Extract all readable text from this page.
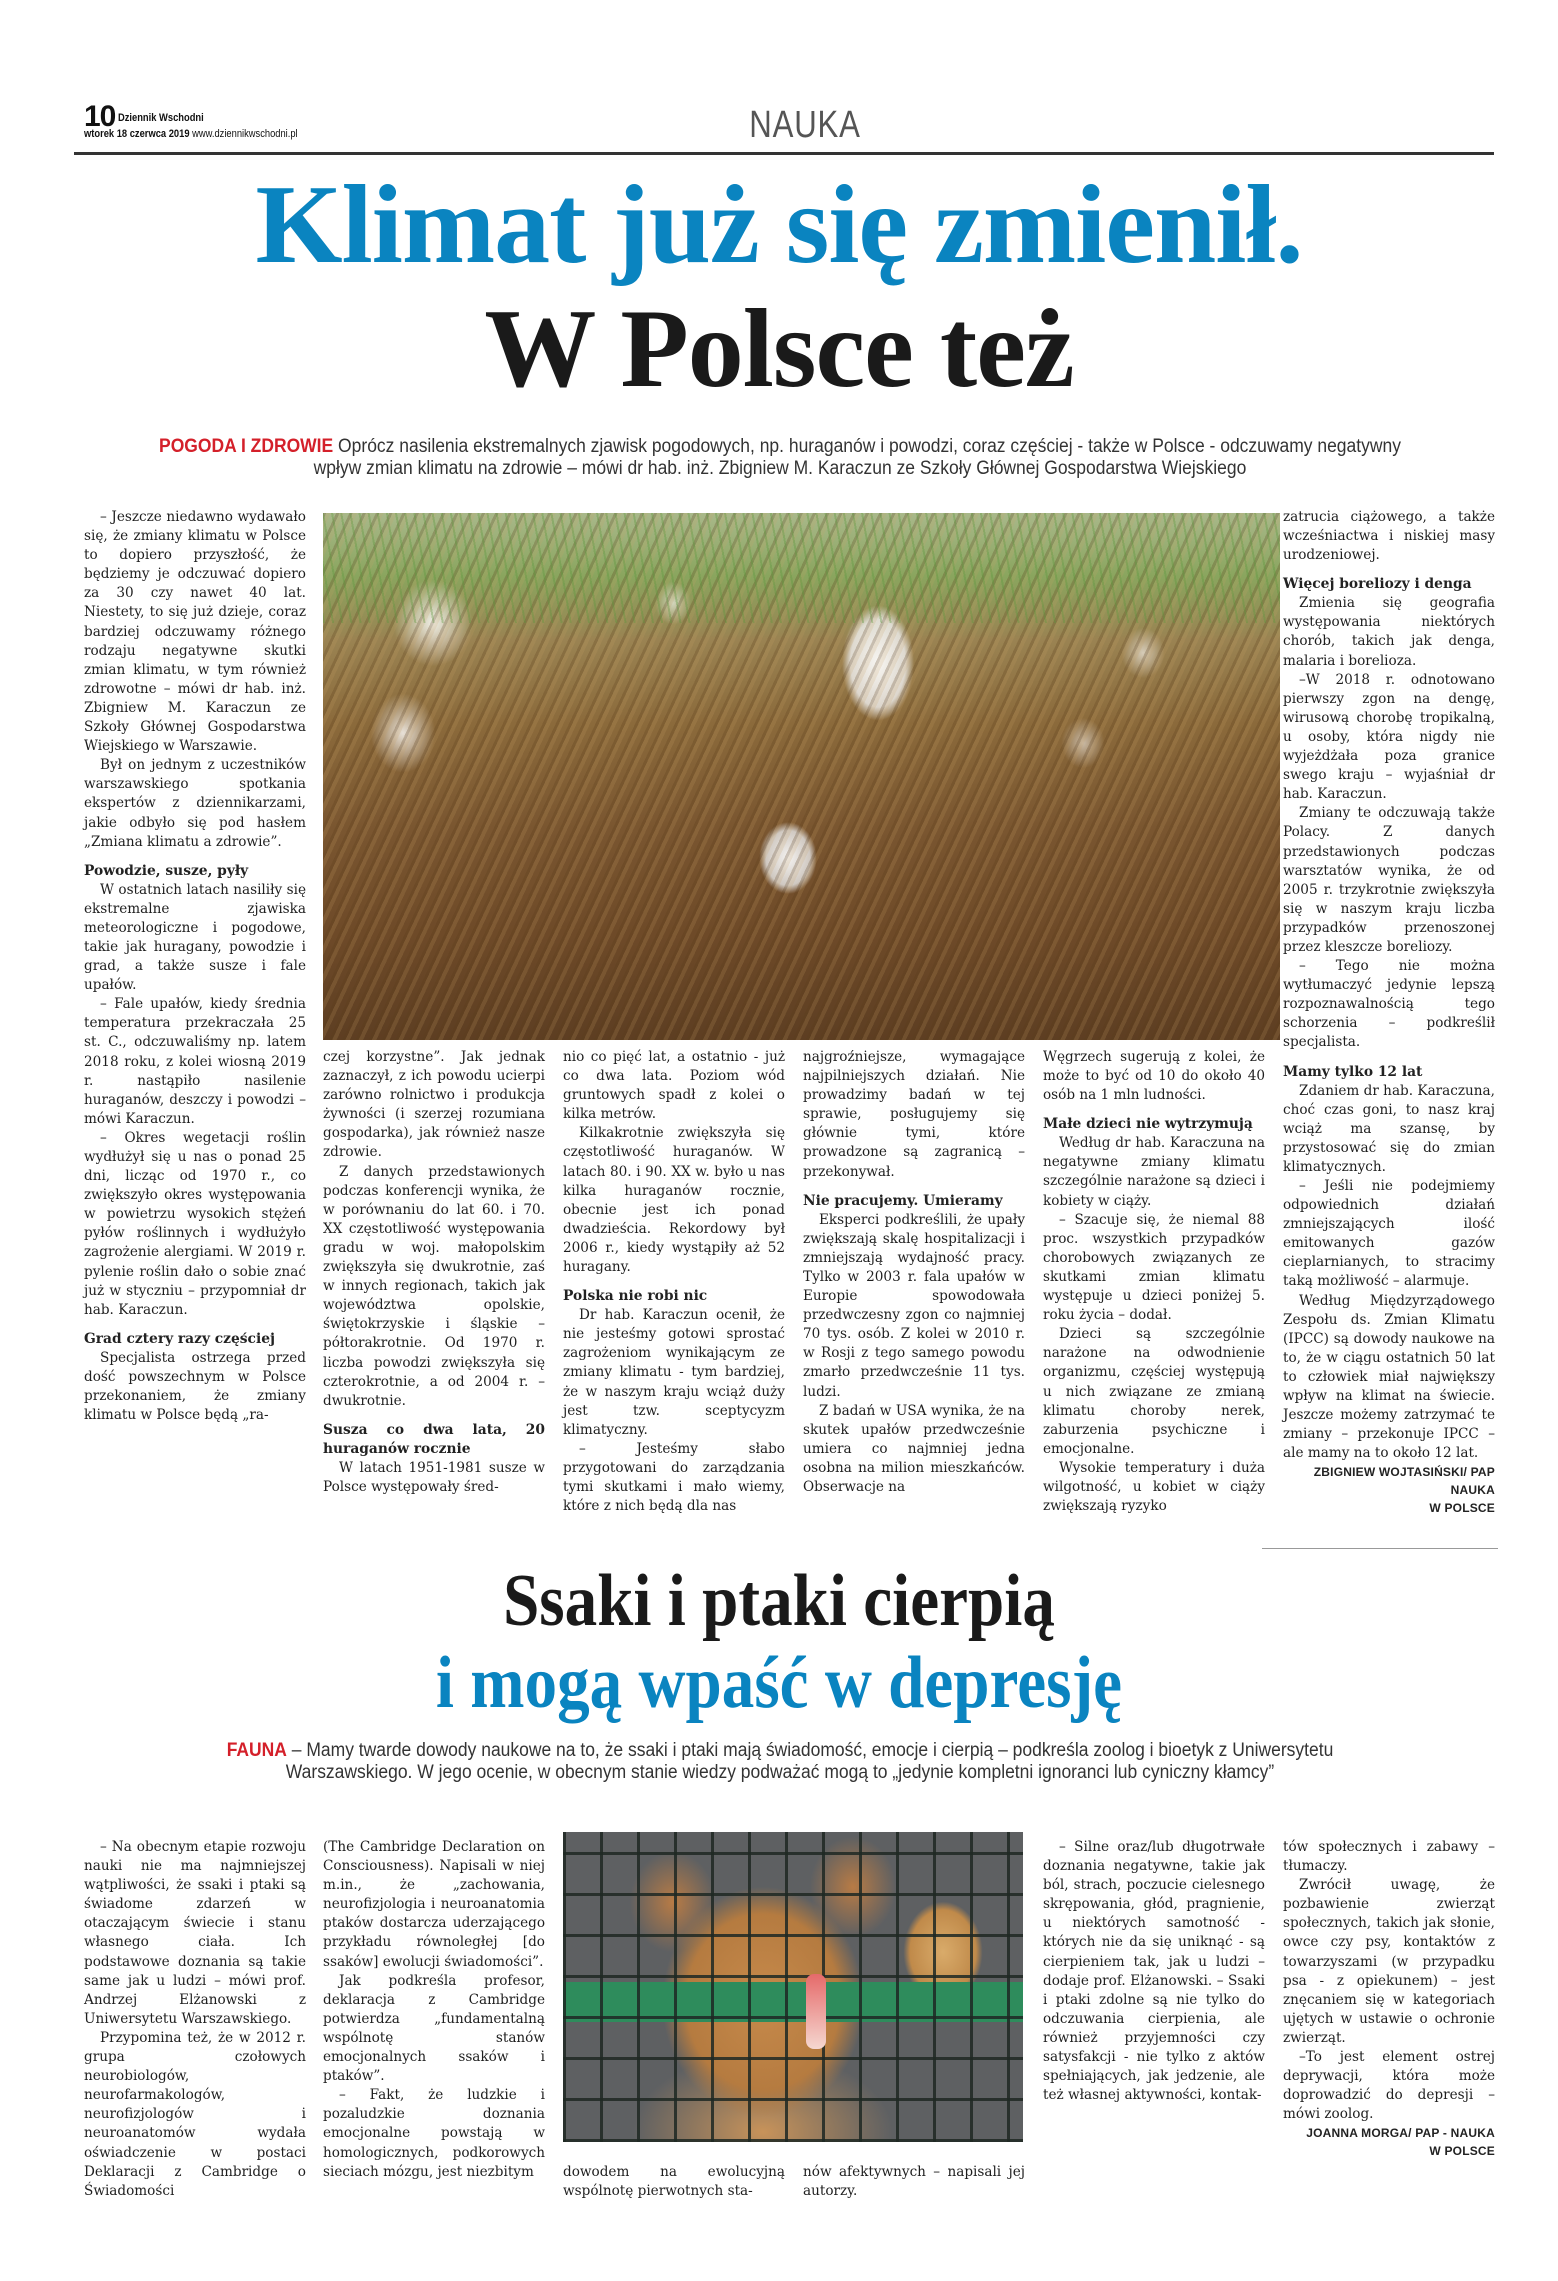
10 Dziennik Wschodni
wtorek 18 czerwca 2019 www.dziennikwschodni.pl	NAUKA
Klimat już się zmienił.
W Polsce też
POGODA I ZDROWIE Oprócz nasilenia ekstremalnych zjawisk pogodowych, np. huraganów i powodzi, coraz częściej - także w Polsce - odczuwamy negatywny wpływ zmian klimatu na zdrowie – mówi dr hab. inż. Zbigniew M. Karaczun ze Szkoły Głównej Gospodarstwa Wiejskiego

– Jeszcze niedawno wydawało się, że zmiany klimatu w Polsce to dopiero przyszłość, że będziemy je odczuwać dopiero za 30 czy nawet 40 lat. Niestety, to się już dzieje, coraz bardziej odczuwamy różnego rodzaju negatywne skutki zmian klimatu, w tym również zdrowotne – mówi dr hab. inż. Zbigniew M. Karaczun ze Szkoły Głównej Gospodarstwa Wiejskiego w Warszawie.

Był on jednym z uczestników warszawskiego spotkania ekspertów z dziennikarzami, jakie odbyło się pod hasłem „Zmiana klimatu a zdrowie”.

Powodzie, susze, pyły

W ostatnich latach nasiliły się ekstremalne zjawiska meteorologiczne i pogodowe, takie jak huragany, powodzie i grad, a także susze i fale upałów.

– Fale upałów, kiedy średnia temperatura przekraczała 25 st. C., odczuwaliśmy np. latem 2018 roku, z kolei wiosną 2019 r. nastąpiło nasilenie huraganów, deszczy i powodzi – mówi Karaczun.

– Okres wegetacji roślin wydłużył się u nas o ponad 25 dni, licząc od 1970 r., co zwiększyło okres występowania w powietrzu wysokich stężeń pyłów roślinnych i wydłużyło zagrożenie alergiami. W 2019 r. pylenie roślin dało o sobie znać już w styczniu – przypomniał dr hab. Karaczun.

Grad cztery razy częściej

Specjalista ostrzega przed dość powszechnym w Polsce przekonaniem, że zmiany klimatu w Polsce będą „ra-

czej korzystne”. Jak jednak zaznaczył, z ich powodu ucierpi zarówno rolnictwo i produkcja żywności (i szerzej rozumiana gospodarka), jak również nasze zdrowie.

Z danych przedstawionych podczas konferencji wynika, że w porównaniu do lat 60. i 70. XX częstotliwość występowania gradu w woj. małopolskim zwiększyła się dwukrotnie, zaś w innych regionach, takich jak województwa opolskie, świętokrzyskie i śląskie – półtorakrotnie. Od 1970 r. liczba powodzi zwiększyła się czterokrotnie, a od 2004 r. – dwukrotnie.

Susza co dwa lata, 20 huraganów rocznie

W latach 1951-1981 susze w Polsce występowały śred-

nio co pięć lat, a ostatnio - już co dwa lata. Poziom wód gruntowych spadł z kolei o kilka metrów.

Kilkakrotnie zwiększyła się częstotliwość huraganów. W latach 80. i 90. XX w. było u nas kilka huraganów rocznie, obecnie jest ich ponad dwadzieścia. Rekordowy był 2006 r., kiedy wystąpiły aż 52 huragany.

Polska nie robi nic

Dr hab. Karaczun ocenił, że nie jesteśmy gotowi sprostać zagrożeniom wynikającym ze zmiany klimatu - tym bardziej, że w naszym kraju wciąż duży jest tzw. sceptycyzm klimatyczny.

– Jesteśmy słabo przygotowani do zarządzania tymi skutkami i mało wiemy, które z nich będą dla nas

najgroźniejsze, wymagające najpilniejszych działań. Nie prowadzimy badań w tej sprawie, posługujemy się głównie tymi, które prowadzone są zagranicą – przekonywał.

Nie pracujemy. Umieramy

Eksperci podkreślili, że upały zwiększają skalę hospitalizacji i zmniejszają wydajność pracy. Tylko w 2003 r. fala upałów w Europie spowodowała przedwczesny zgon co najmniej 70 tys. osób. Z kolei w 2010 r. w Rosji z tego samego powodu zmarło przedwcześnie 11 tys. ludzi.

Z badań w USA wynika, że na skutek upałów przedwcześnie umiera co najmniej jedna osobna na milion mieszkańców. Obserwacje na

Węgrzech sugerują z kolei, że może to być od 10 do około 40 osób na 1 mln ludności.

Małe dzieci nie wytrzymują

Według dr hab. Karaczuna na negatywne zmiany klimatu szczególnie narażone są dzieci i kobiety w ciąży.

– Szacuje się, że niemal 88 proc. wszystkich przypadków chorobowych związanych ze skutkami zmian klimatu występuje u dzieci poniżej 5. roku życia – dodał.

Dzieci są szczególnie narażone na odwodnienie organizmu, częściej występują u nich związane ze zmianą klimatu choroby nerek, zaburzenia psychiczne i emocjonalne.

Wysokie temperatury i duża wilgotność, u kobiet w ciąży zwiększają ryzyko

zatrucia ciążowego, a także wcześniactwa i niskiej masy urodzeniowej.

Więcej boreliozy i denga

Zmienia się geografia występowania niektórych chorób, takich jak denga, malaria i borelioza.

–W 2018 r. odnotowano pierwszy zgon na dengę, wirusową chorobę tropikalną, u osoby, która nigdy nie wyjeżdżała poza granice swego kraju – wyjaśniał dr hab. Karaczun.

Zmiany te odczuwają także Polacy. Z danych przedstawionych podczas warsztatów wynika, że od 2005 r. trzykrotnie zwiększyła się w naszym kraju liczba przypadków przenoszonej przez kleszcze boreliozy.

– Tego nie można wytłumaczyć jedynie lepszą rozpoznawalnością tego schorzenia – podkreślił specjalista.

Mamy tylko 12 lat

Zdaniem dr hab. Karaczuna, choć czas goni, to nasz kraj wciąż ma szansę, by przystosować się do zmian klimatycznych.

– Jeśli nie podejmiemy odpowiednich działań zmniejszających ilość emitowanych gazów cieplarnianych, to stracimy taką możliwość – alarmuje.

Według Międzyrządowego Zespołu ds. Zmian Klimatu (IPCC) są dowody naukowe na to, że w ciągu ostatnich 50 lat to człowiek miał największy wpływ na klimat na świecie. Jeszcze możemy zatrzymać te zmiany – przekonuje IPCC – ale mamy na to około 12 lat.

ZBIGNIEW WOJTASIŃSKI/ PAP NAUKA
W POLSCE
Ssaki i ptaki cierpią
i mogą wpaść w depresję
FAUNA – Mamy twarde dowody naukowe na to, że ssaki i ptaki mają świadomość, emocje i cierpią – podkreśla zoolog i bioetyk z Uniwersytetu Warszawskiego. W jego ocenie, w obecnym stanie wiedzy podważać mogą to „jedynie kompletni ignoranci lub cyniczny kłamcy”

– Na obecnym etapie rozwoju nauki nie ma najmniejszej wątpliwości, że ssaki i ptaki są świadome zdarzeń w otaczającym świecie i stanu własnego ciała. Ich podstawowe doznania są takie same jak u ludzi – mówi prof. Andrzej Elżanowski z Uniwersytetu Warszawskiego.

Przypomina też, że w 2012 r. grupa czołowych neurobiologów, neurofarmakologów, neurofizjologów i neuroanatomów wydała oświadczenie w postaci Deklaracji z Cambridge o Świadomości

(The Cambridge Declaration on Consciousness). Napisali w niej m.in., że „zachowania, neurofizjologia i neuroanatomia ptaków dostarcza uderzającego przykładu równoległej [do ssaków] ewolucji świadomości”.

Jak podkreśla profesor, deklaracja z Cambridge potwierdza „fundamentalną wspólnotę stanów emocjonalnych ssaków i ptaków”.

– Fakt, że ludzkie i pozaludzkie doznania emocjonalne powstają w homologicznych, podkorowych sieciach mózgu, jest niezbitym	dowodem na ewolucyjną wspólnotę pierwotnych sta-

nów afektywnych – napisali jej autorzy.

– Silne oraz/lub długotrwałe doznania negatywne, takie jak ból, strach, poczucie cielesnego skrępowania, głód, pragnienie, u niektórych samotność - których nie da się uniknąć - są cierpieniem tak, jak u ludzi – dodaje prof. Elżanowski. – Ssaki i ptaki zdolne są nie tylko do odczuwania cierpienia, ale również przyjemności czy satysfakcji - nie tylko z aktów spełniających, jak jedzenie, ale też własnej aktywności, kontak-

tów społecznych i zabawy – tłumaczy.

Zwrócił uwagę, że pozbawienie zwierząt społecznych, takich jak słonie, owce czy psy, kontaktów z towarzyszami (w przypadku psa - z opiekunem) – jest znęcaniem się w kategoriach ujętych w ustawie o ochronie zwierząt.

–To jest element ostrej deprywacji, która może doprowadzić do depresji – mówi zoolog.

JOANNA MORGA/ PAP - NAUKA
W POLSCE
